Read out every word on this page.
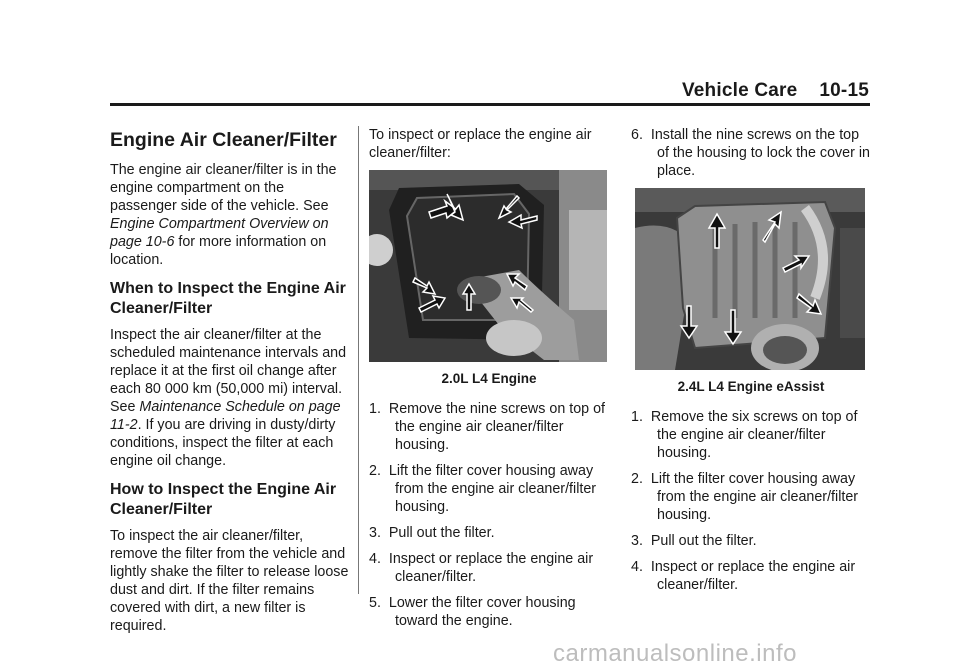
Vehicle Care 10-15
Engine Air Cleaner/Filter

The engine air cleaner/filter is in the engine compartment on the passenger side of the vehicle. See Engine Compartment Overview on page 10-6 for more information on location.

When to Inspect the Engine Air Cleaner/Filter

Inspect the air cleaner/filter at the scheduled maintenance intervals and replace it at the first oil change after each 80 000 km (50,000 mi) interval. See Maintenance Schedule on page 11-2. If you are driving in dusty/dirty conditions, inspect the filter at each engine oil change.

How to Inspect the Engine Air Cleaner/Filter

To inspect the air cleaner/filter, remove the filter from the vehicle and lightly shake the filter to release loose dust and dirt. If the filter remains covered with dirt, a new filter is required.

To inspect or replace the engine air cleaner/filter:

2.0L L4 Engine
1.  Remove the nine screws on top of the engine air cleaner/filter housing.
2.  Lift the filter cover housing away from the engine air cleaner/filter housing.
3.  Pull out the filter.
4.  Inspect or replace the engine air cleaner/filter.
5.  Lower the filter cover housing toward the engine.
6.  Install the nine screws on the top of the housing to lock the cover in place.
2.4L L4 Engine eAssist
1.  Remove the six screws on top of the engine air cleaner/filter housing.
2.  Lift the filter cover housing away from the engine air cleaner/filter housing.
3.  Pull out the filter.
4.  Inspect or replace the engine air cleaner/filter.
carmanualsonline.info
